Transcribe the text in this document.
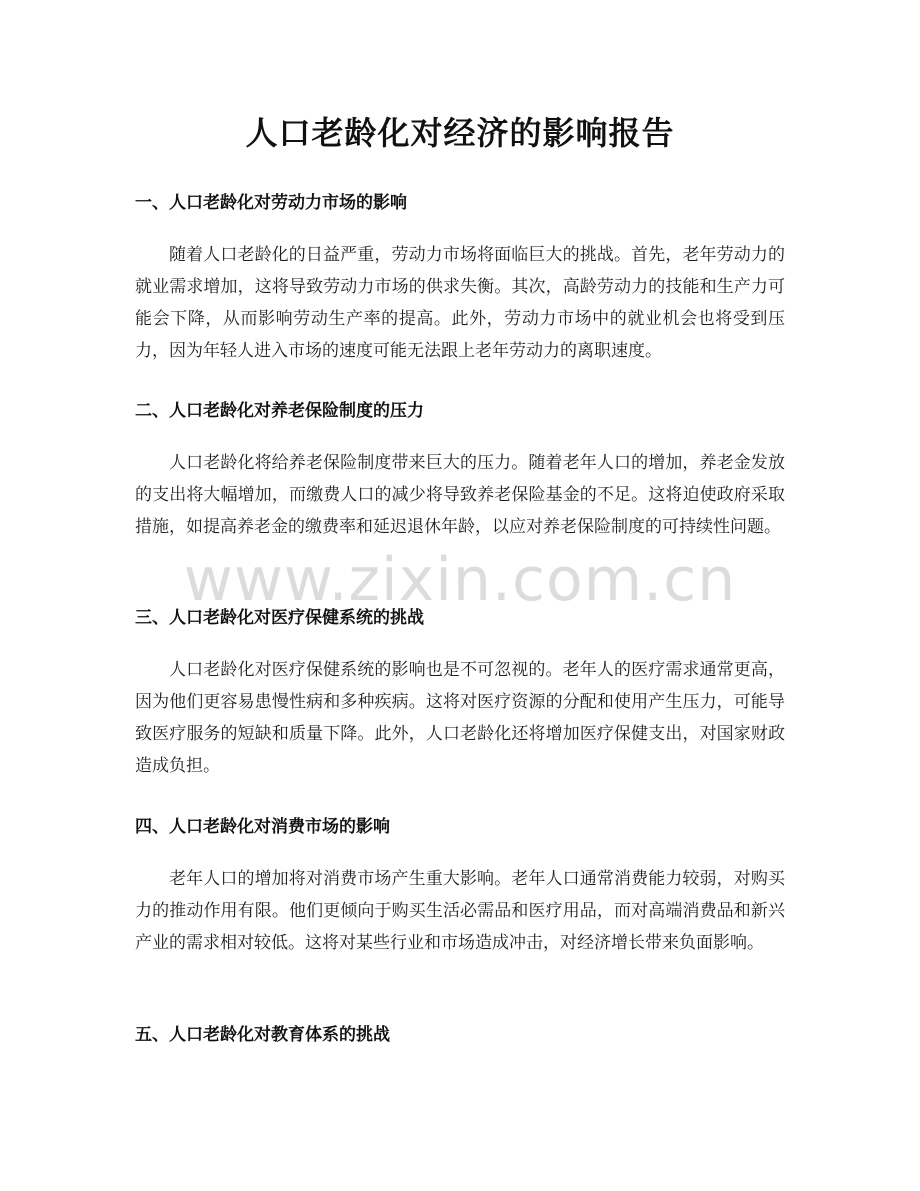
人口老龄化对经济的影响报告
一、人口老龄化对劳动力市场的影响

随着人口老龄化的日益严重，劳动力市场将面临巨大的挑战。首先，老年劳动力的就业需求增加，这将导致劳动力市场的供求失衡。其次，高龄劳动力的技能和生产力可能会下降，从而影响劳动生产率的提高。此外，劳动力市场中的就业机会也将受到压力，因为年轻人进入市场的速度可能无法跟上老年劳动力的离职速度。

二、人口老龄化对养老保险制度的压力

人口老龄化将给养老保险制度带来巨大的压力。随着老年人口的增加，养老金发放的支出将大幅增加，而缴费人口的减少将导致养老保险基金的不足。这将迫使政府采取措施，如提高养老金的缴费率和延迟退休年龄，以应对养老保险制度的可持续性问题。

三、人口老龄化对医疗保健系统的挑战

人口老龄化对医疗保健系统的影响也是不可忽视的。老年人的医疗需求通常更高，因为他们更容易患慢性病和多种疾病。这将对医疗资源的分配和使用产生压力，可能导致医疗服务的短缺和质量下降。此外，人口老龄化还将增加医疗保健支出，对国家财政造成负担。

四、人口老龄化对消费市场的影响

老年人口的增加将对消费市场产生重大影响。老年人口通常消费能力较弱，对购买力的推动作用有限。他们更倾向于购买生活必需品和医疗用品，而对高端消费品和新兴产业的需求相对较低。这将对某些行业和市场造成冲击，对经济增长带来负面影响。

五、人口老龄化对教育体系的挑战
www.zixin.com.cn
